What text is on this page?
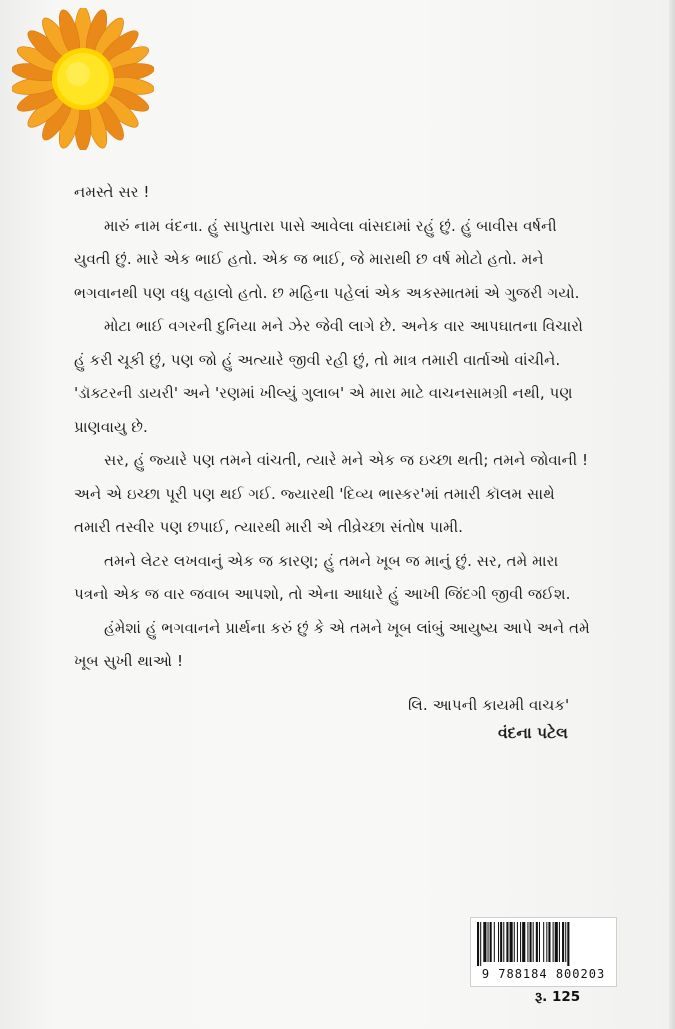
નમસ્તે સર !

મારું નામ વંદના. હું સાપુતારા પાસે આવેલા વાંસદામાં રહું છું. હું બાવીસ વર્ષની યુવતી છું. મારે એક ભાઈ હતો. એક જ ભાઈ, જે મારાથી છ વર્ષ મોટો હતો. મને ભગવાનથી પણ વધુ વહાલો હતો. છ મહિના પહેલાં એક અકસ્માતમાં એ ગુજરી ગયો.

મોટા ભાઈ વગરની દુનિયા મને ઝેર જેવી લાગે છે. અનેક વાર આપઘાતના વિચારો હું કરી ચૂકી છું, પણ જો હું અત્યારે જીવી રહી છું, તો માત્ર તમારી વાર્તાઓ વાંચીને. 'ડૉક્ટરની ડાયરી' અને 'રણમાં ખીલ્યું ગુલાબ' એ મારા માટે વાચનસામગ્રી નથી, પણ પ્રાણવાયુ છે.

સર, હું જ્યારે પણ તમને વાંચતી, ત્યારે મને એક જ ઇચ્છા થતી; તમને જોવાની ! અને એ ઇચ્છા પૂરી પણ થઈ ગઈ. જ્યારથી 'દિવ્ય ભાસ્કર'માં તમારી કૉલમ સાથે તમારી તસ્વીર પણ છપાઈ, ત્યારથી મારી એ તીવ્રેચ્છા સંતોષ પામી.

તમને લેટર લખવાનું એક જ કારણ; હું તમને ખૂબ જ માનું છું. સર, તમે મારા પત્રનો એક જ વાર જવાબ આપશો, તો એના આધારે હું આખી જિંદગી જીવી જઈશ.

હંમેશાં હું ભગવાનને પ્રાર્થના કરું છું કે એ તમને ખૂબ લાંબું આયુષ્ય આપે અને તમે ખૂબ સુખી થાઓ !

લિ. આપની કાયમી વાચક'
વંદના પટેલ
9 788184 800203
રૂ. 125
